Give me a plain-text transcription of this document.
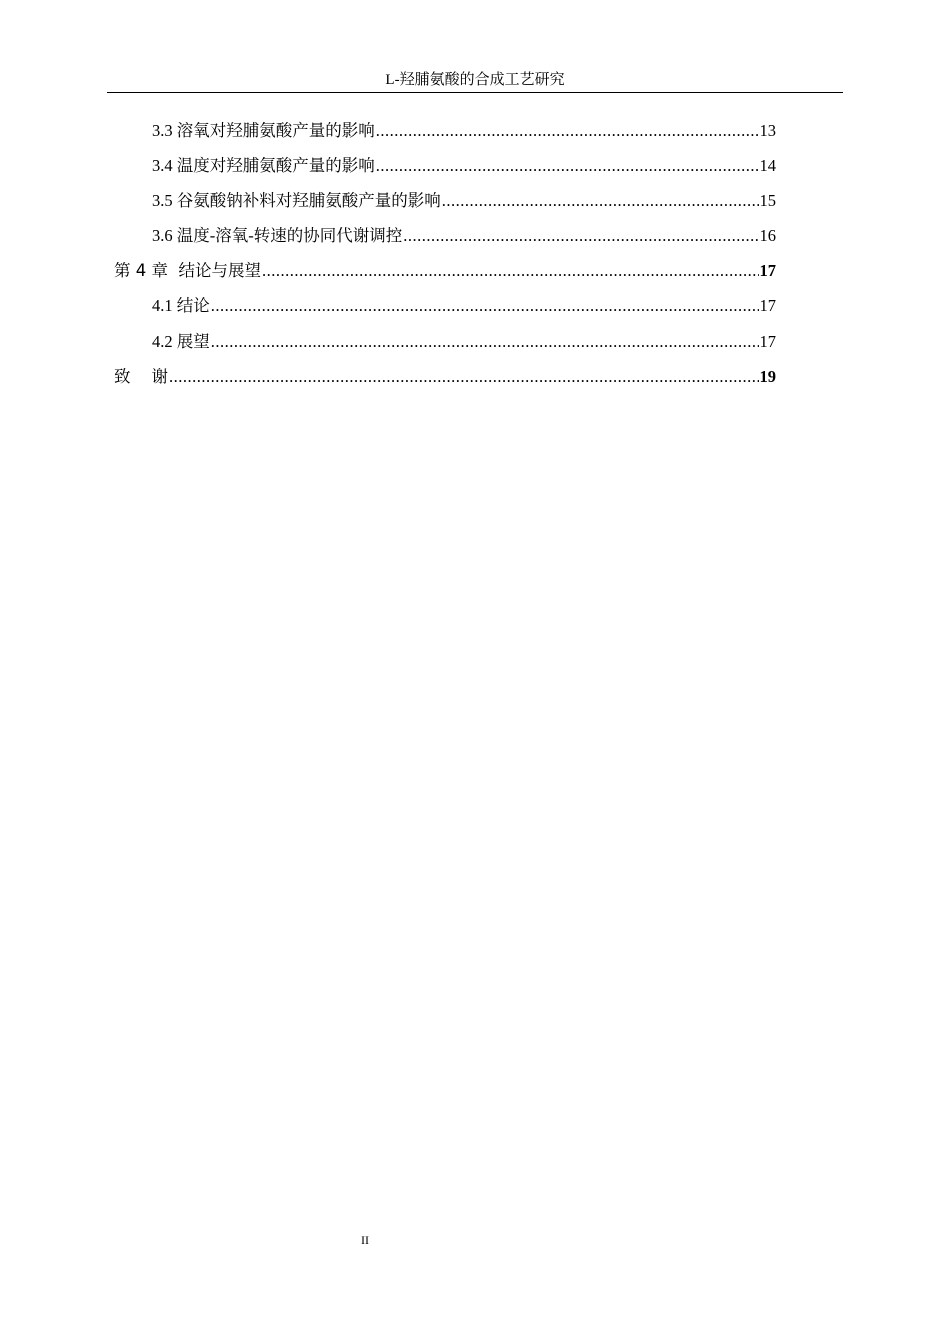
L-羟脯氨酸的合成工艺研究
3.3 溶氧对羟脯氨酸产量的影响 .....	13
3.4 温度对羟脯氨酸产量的影响 .....	14
3.5 谷氨酸钠补料对羟脯氨酸产量的影响 .....	15
3.6 温度-溶氧-转速的协同代谢调控 .....	16
第 4 章  结论与展望 .....	17
4.1 结论 .....	17
4.2 展望 .....	17
致    谢 .....	19
II
